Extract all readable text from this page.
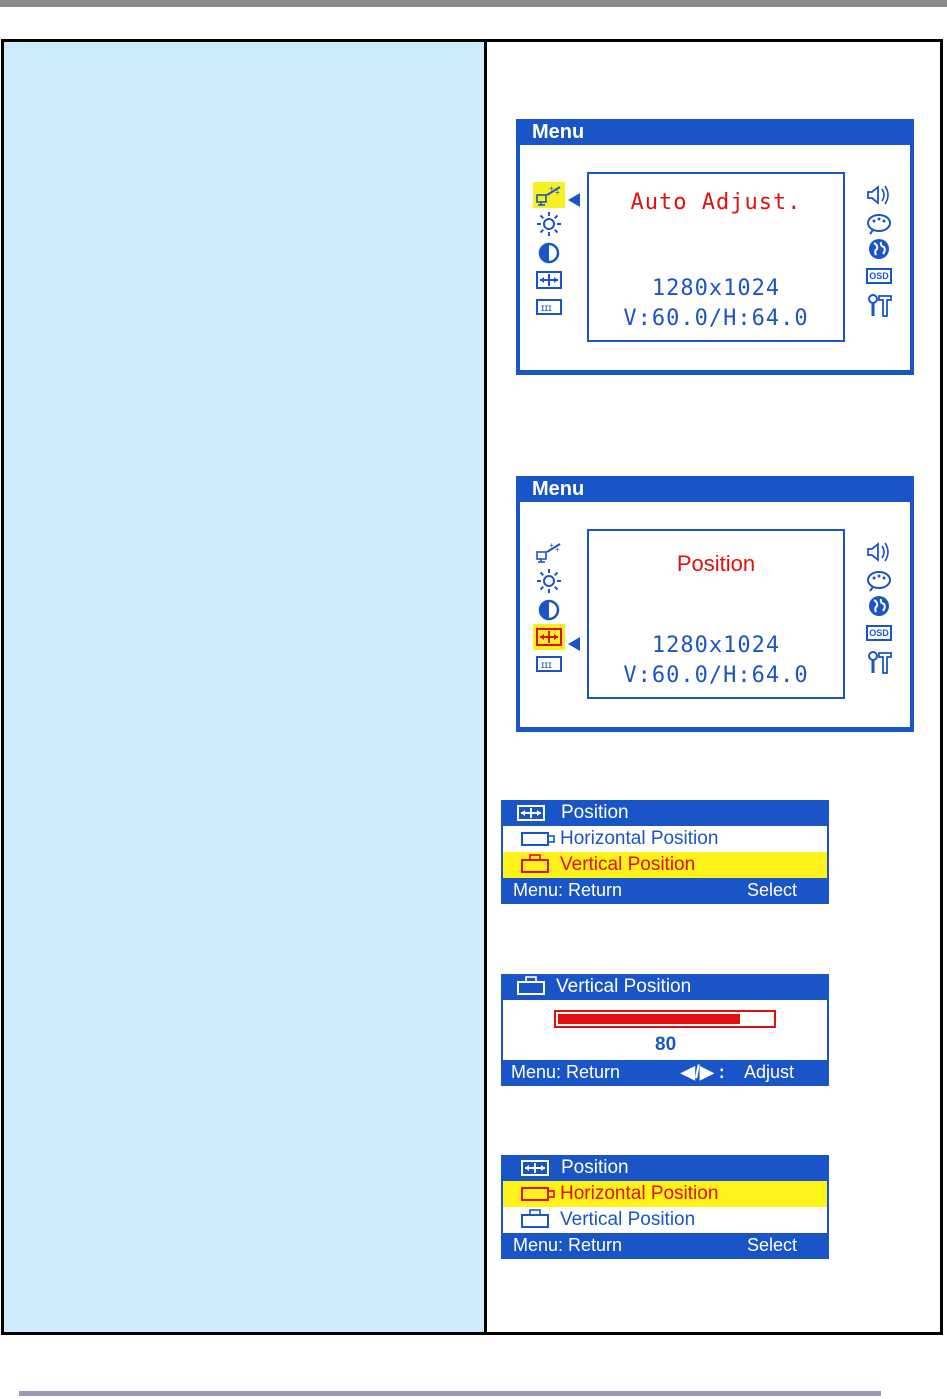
Menu
+ +
ɪɪɪ
Auto Adjust.
1280x1024
V:60.0/H:64.0
OSD
Menu
+ +
ɪɪɪ
Position
1280x1024
V:60.0/H:64.0
OSD
Position
Horizontal Position
Vertical Position
Menu: Return	Select
Vertical Position
80
Menu: Return	◀/▶ : Adjust
Position
Horizontal Position
Vertical Position
Menu: Return	Select
